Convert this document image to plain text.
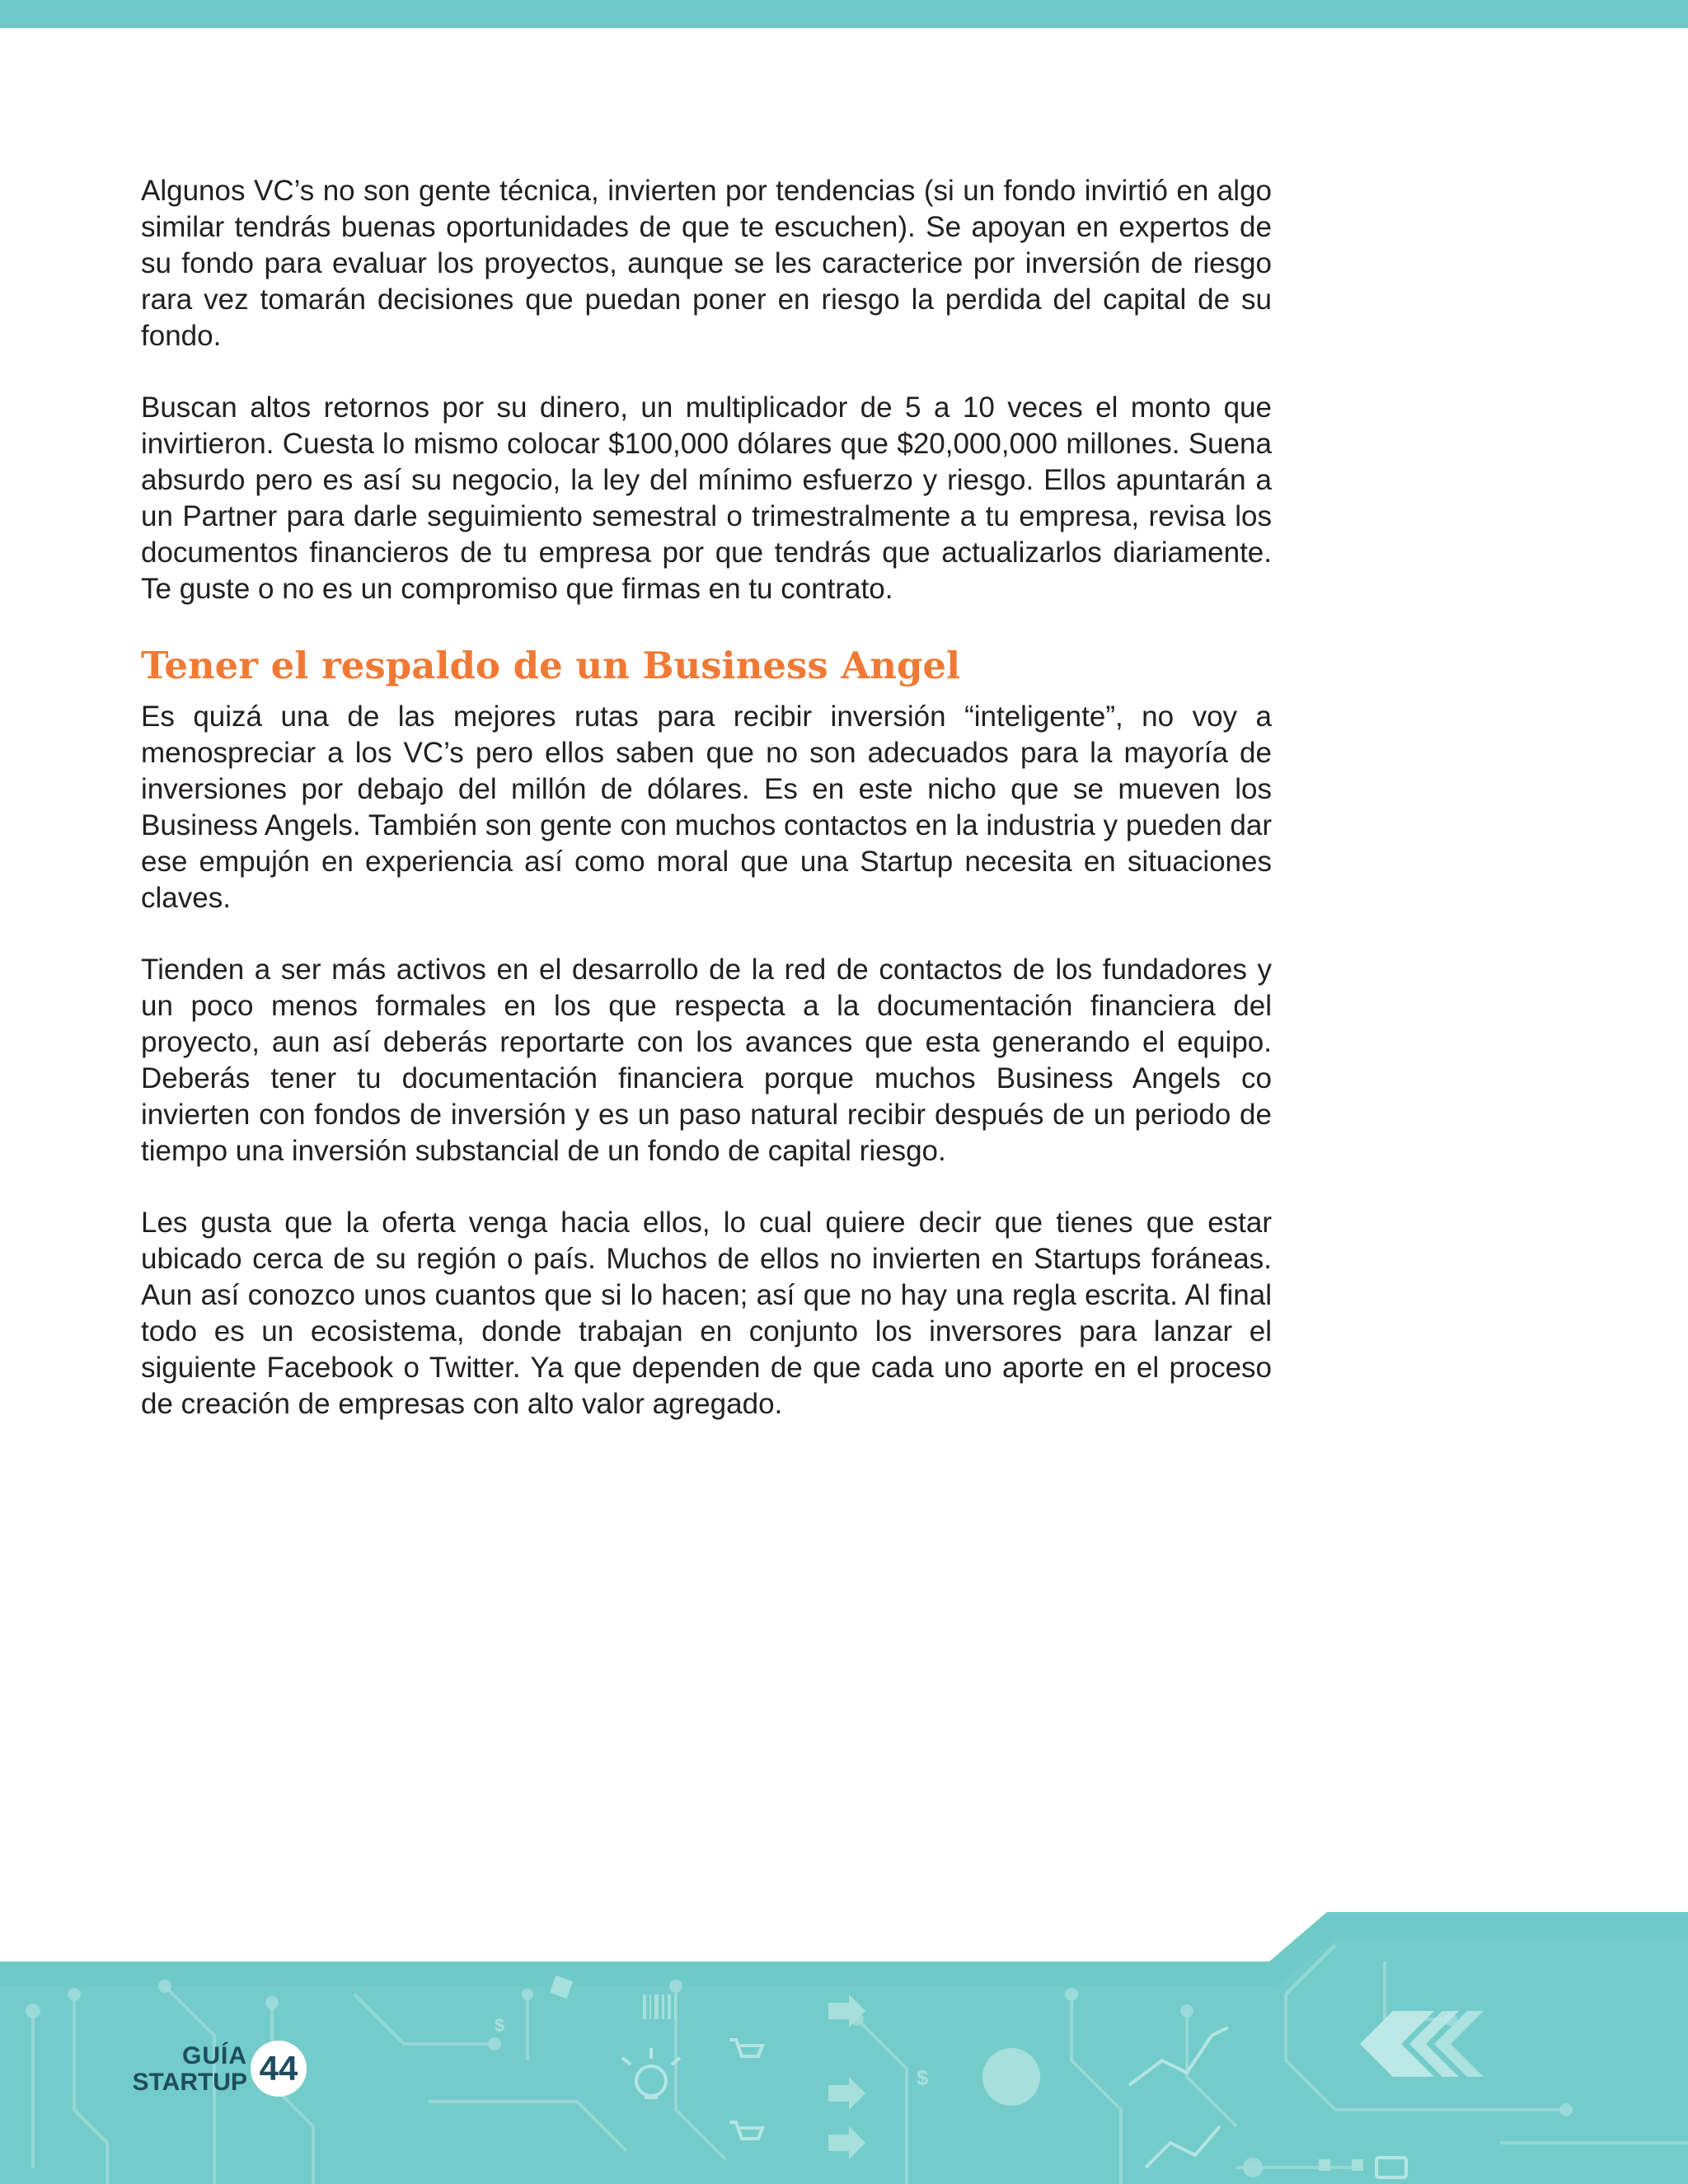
Algunos VC’s no son gente técnica, invierten por tendencias (si un fondo invirtió en algo similar tendrás buenas oportunidades de que te escuchen). Se apoyan en expertos de su fondo para evaluar los proyectos, aunque se les caracterice por inversión de riesgo rara vez tomarán decisiones que puedan poner en riesgo la perdida del capital de su fondo.

Buscan altos retornos por su dinero, un multiplicador de 5 a 10 veces el monto que invirtieron. Cuesta lo mismo colocar $100,000 dólares que $20,000,000 millones. Suena absurdo pero es así su negocio, la ley del mínimo esfuerzo y riesgo. Ellos apuntarán a un Partner para darle seguimiento semestral o trimestralmente a tu empresa, revisa los documentos financieros de tu empresa por que tendrás que actualizarlos diariamente. Te guste o no es un compromiso que firmas en tu contrato.

Tener el respaldo de un Business Angel

Es quizá una de las mejores rutas para recibir inversión “inteligente”, no voy a menospreciar a los VC’s pero ellos saben que no son adecuados para la mayoría de inversiones por debajo del millón de dólares. Es en este nicho que se mueven los Business Angels. También son gente con muchos contactos en la industria y pueden dar ese empujón en experiencia así como moral que una Startup necesita en situaciones claves.

Tienden a ser más activos en el desarrollo de la red de contactos de los fundadores y un poco menos formales en los que respecta a la documentación financiera del proyecto, aun así deberás reportarte con los avances que esta generando el equipo. Deberás tener tu documentación financiera porque muchos Business Angels co invierten con fondos de inversión y es un paso natural recibir después de un periodo de tiempo una inversión substancial de un fondo de capital riesgo.

Les gusta que la oferta venga hacia ellos, lo cual quiere decir que tienes que estar ubicado cerca de su región o país. Muchos de ellos no invierten en Startups foráneas. Aun así conozco unos cuantos que si lo hacen; así que no hay una regla escrita. Al final todo es un ecosistema, donde trabajan en conjunto los inversores para lanzar el siguiente Facebook o Twitter. Ya que dependen de que cada uno aporte en el proceso de creación de empresas con alto valor agregado.

$
$
GUÍA
STARTUP 44
